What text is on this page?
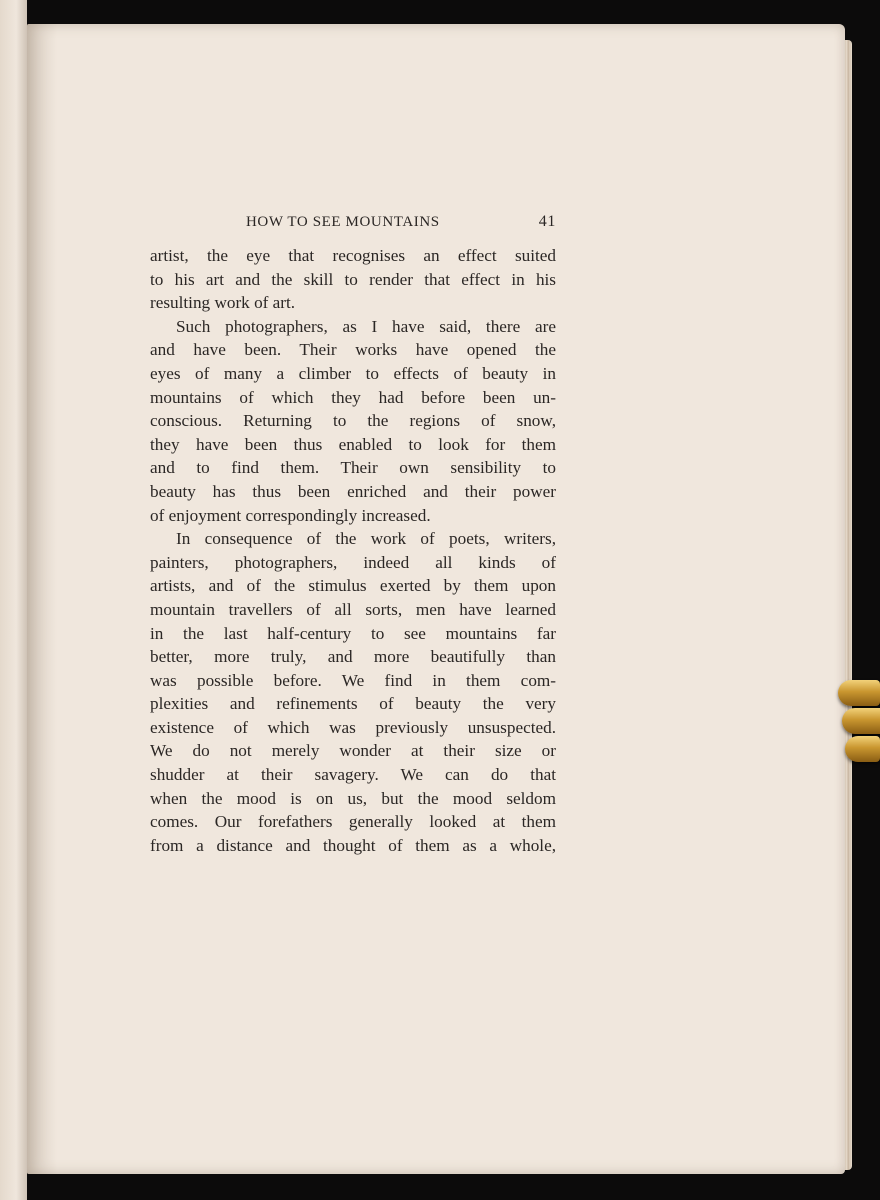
HOW TO SEE MOUNTAINS	41
artist, the eye that recognises an effect suited
to his art and the skill to render that effect in his
resulting work of art.
Such photographers, as I have said, there are
and have been. Their works have opened the
eyes of many a climber to effects of beauty in
mountains of which they had before been un-
conscious. Returning to the regions of snow,
they have been thus enabled to look for them
and to find them. Their own sensibility to
beauty has thus been enriched and their power
of enjoyment correspondingly increased.
In consequence of the work of poets, writers,
painters, photographers, indeed all kinds of
artists, and of the stimulus exerted by them upon
mountain travellers of all sorts, men have learned
in the last half-century to see mountains far
better, more truly, and more beautifully than
was possible before. We find in them com-
plexities and refinements of beauty the very
existence of which was previously unsuspected.
We do not merely wonder at their size or
shudder at their savagery. We can do that
when the mood is on us, but the mood seldom
comes. Our forefathers generally looked at them
from a distance and thought of them as a whole,
